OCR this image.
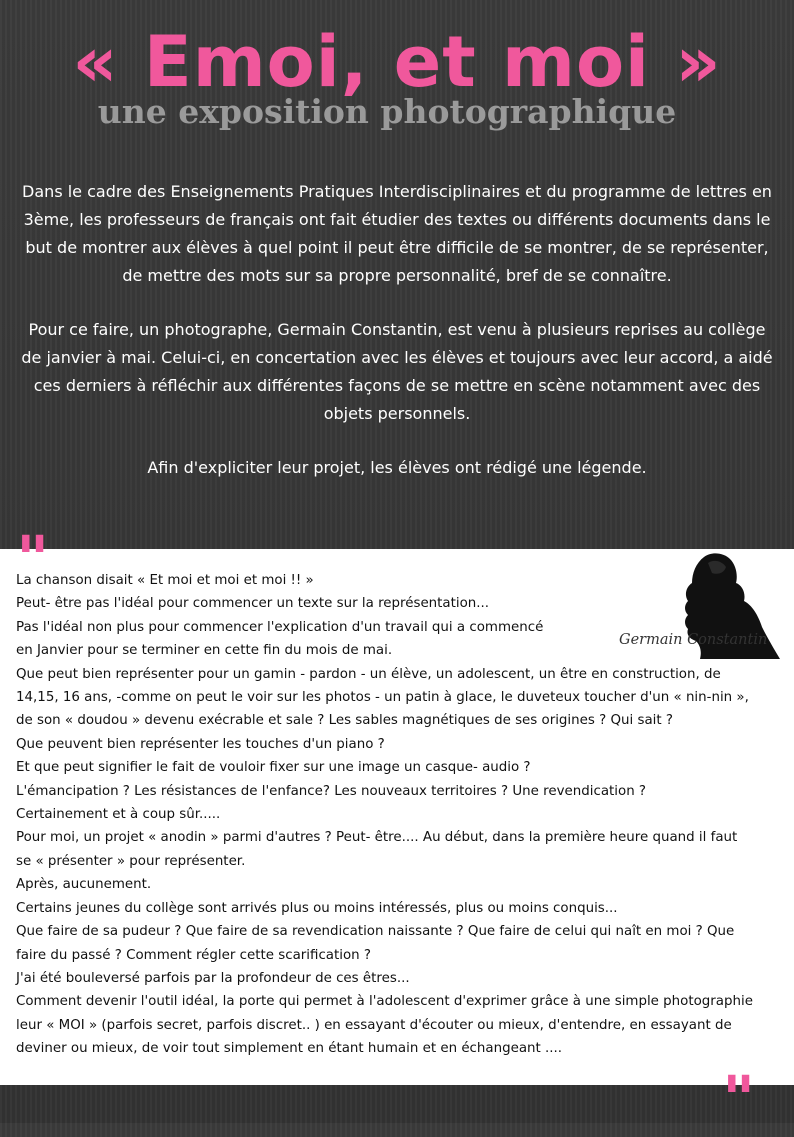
« Emoi, et moi »
une exposition photographique

Dans le cadre des Enseignements Pratiques Interdisciplinaires et du programme de lettres en 3ème, les professeurs de français ont fait étudier des textes ou différents documents dans le but de montrer aux élèves à quel point il peut être difficile de se montrer, de se représenter, de mettre des mots sur sa propre personnalité, bref de se connaître.

Pour ce faire, un photographe, Germain Constantin, est venu à plusieurs reprises au collège de janvier à mai. Celui-ci, en concertation avec les élèves et toujours avec leur accord, a aidé ces derniers à réfléchir aux différentes façons de se mettre en scène notamment avec des objets personnels.

Afin d'expliciter leur projet, les élèves ont rédigé une légende.

"
Germain Constantin
La chanson disait « Et moi et moi et moi !! »
Peut- être pas l'idéal pour commencer un texte sur la représentation...
Pas l'idéal non plus pour commencer l'explication d'un travail qui a commencé
en Janvier pour se terminer en cette fin du mois de mai.
Que peut bien représenter pour un gamin - pardon - un élève, un adolescent, un être en construction, de
14,15, 16 ans, -comme on peut le voir sur les photos - un patin à glace, le duveteux toucher d'un « nin-nin »,
de son « doudou » devenu exécrable et sale ? Les sables magnétiques de ses origines ? Qui sait ?
Que peuvent bien représenter les touches d'un piano ?
Et que peut signifier le fait de vouloir fixer sur une image un casque- audio ?
L'émancipation ? Les résistances de l'enfance? Les nouveaux territoires ? Une revendication ?
Certainement et à coup sûr.....
Pour moi, un projet « anodin » parmi d'autres ? Peut- être.... Au début, dans la première heure quand il faut
se « présenter » pour représenter.
Après, aucunement.
Certains jeunes du collège sont arrivés plus ou moins intéressés, plus ou moins conquis...
Que faire de sa pudeur ? Que faire de sa revendication naissante ? Que faire de celui qui naît en moi ? Que
faire du passé ? Comment régler cette scarification ?
J'ai été bouleversé parfois par la profondeur de ces êtres...
Comment devenir l'outil idéal, la porte qui permet à l'adolescent d'exprimer grâce à une simple photographie
leur « MOI » (parfois secret, parfois discret.. ) en essayant d'écouter ou mieux, d'entendre, en essayant de
deviner ou mieux, de voir tout simplement en étant humain et en échangeant ....
"
